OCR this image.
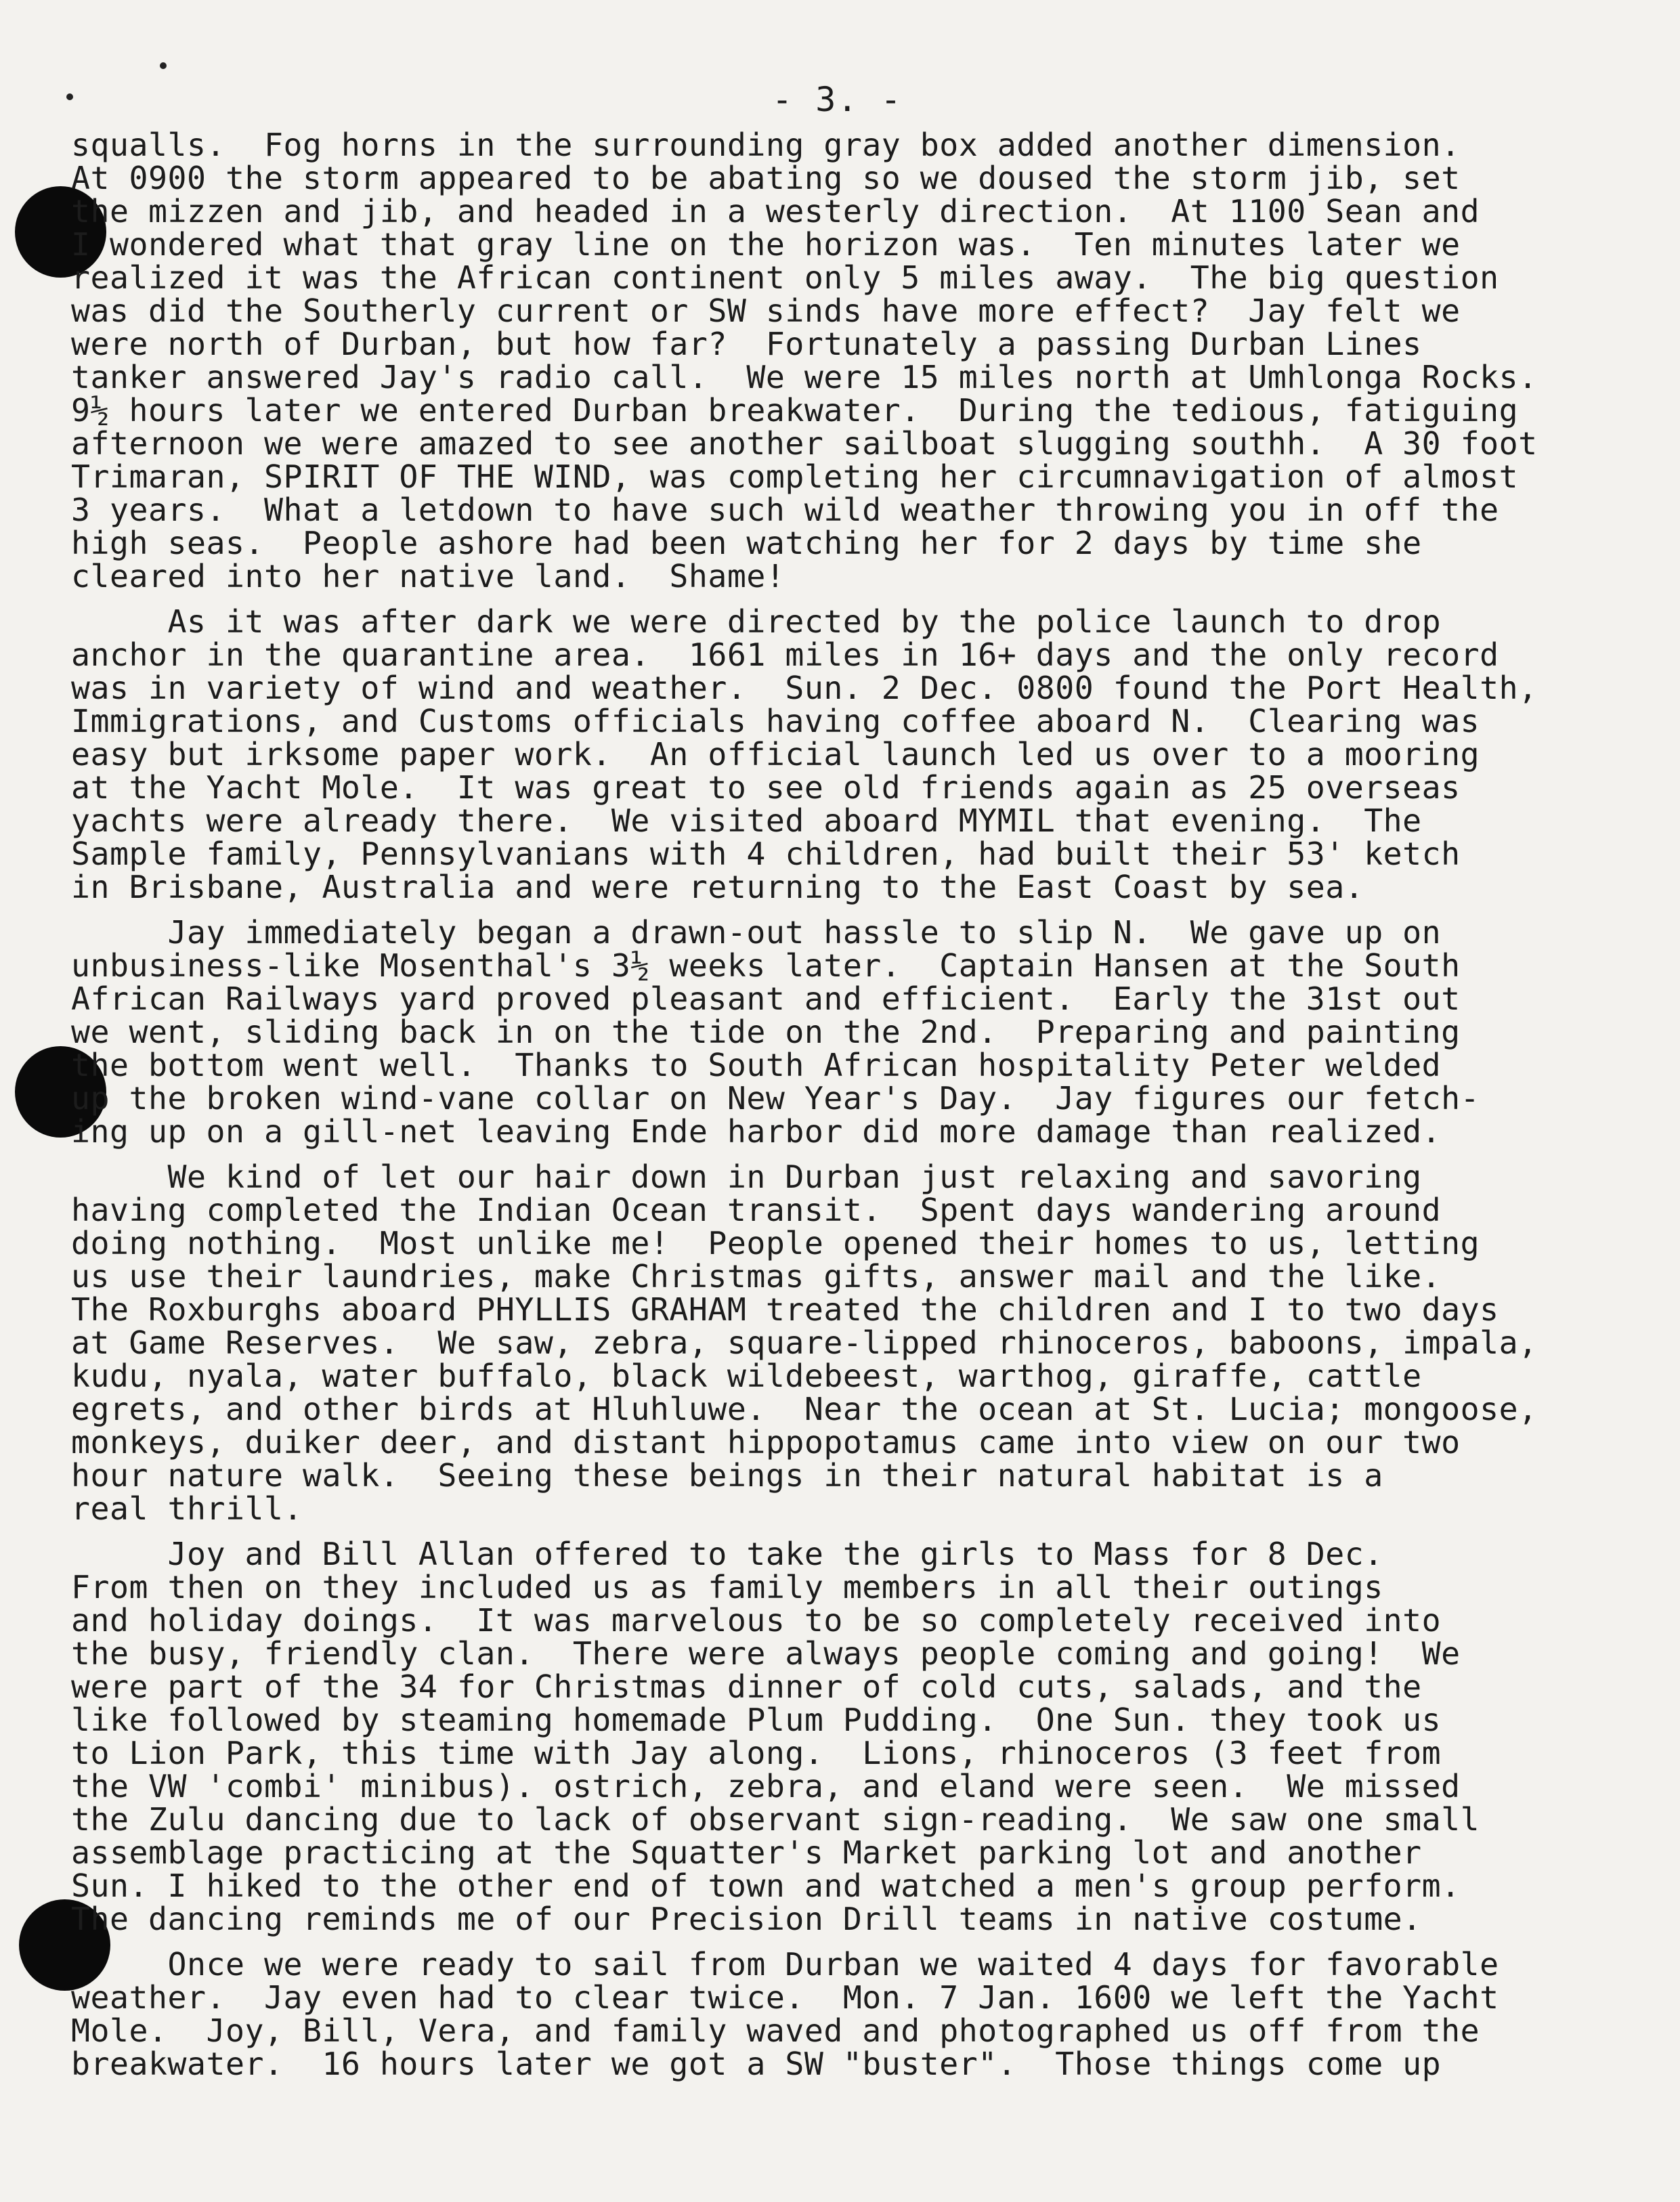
- 3. -
squalls.  Fog horns in the surrounding gray box added another dimension.
At 0900 the storm appeared to be abating so we doused the storm jib, set
the mizzen and jib, and headed in a westerly direction.  At 1100 Sean and
I wondered what that gray line on the horizon was.  Ten minutes later we
realized it was the African continent only 5 miles away.  The big question
was did the Southerly current or SW sinds have more effect?  Jay felt we
were north of Durban, but how far?  Fortunately a passing Durban Lines
tanker answered Jay's radio call.  We were 15 miles north at Umhlonga Rocks.
9½ hours later we entered Durban breakwater.  During the tedious, fatiguing
afternoon we were amazed to see another sailboat slugging southh.  A 30 foot
Trimaran, SPIRIT OF THE WIND, was completing her circumnavigation of almost
3 years.  What a letdown to have such wild weather throwing you in off the
high seas.  People ashore had been watching her for 2 days by time she
cleared into her native land.  Shame!
As it was after dark we were directed by the police launch to drop
anchor in the quarantine area.  1661 miles in 16+ days and the only record
was in variety of wind and weather.  Sun. 2 Dec. 0800 found the Port Health,
Immigrations, and Customs officials having coffee aboard N.  Clearing was
easy but irksome paper work.  An official launch led us over to a mooring
at the Yacht Mole.  It was great to see old friends again as 25 overseas
yachts were already there.  We visited aboard MYMIL that evening.  The
Sample family, Pennsylvanians with 4 children, had built their 53' ketch
in Brisbane, Australia and were returning to the East Coast by sea.
Jay immediately began a drawn-out hassle to slip N.  We gave up on
unbusiness-like Mosenthal's 3½ weeks later.  Captain Hansen at the South
African Railways yard proved pleasant and efficient.  Early the 31st out
we went, sliding back in on the tide on the 2nd.  Preparing and painting
the bottom went well.  Thanks to South African hospitality Peter welded
up the broken wind-vane collar on New Year's Day.  Jay figures our fetch-
ing up on a gill-net leaving Ende harbor did more damage than realized.
We kind of let our hair down in Durban just relaxing and savoring
having completed the Indian Ocean transit.  Spent days wandering around
doing nothing.  Most unlike me!  People opened their homes to us, letting
us use their laundries, make Christmas gifts, answer mail and the like.
The Roxburghs aboard PHYLLIS GRAHAM treated the children and I to two days
at Game Reserves.  We saw, zebra, square-lipped rhinoceros, baboons, impala,
kudu, nyala, water buffalo, black wildebeest, warthog, giraffe, cattle
egrets, and other birds at Hluhluwe.  Near the ocean at St. Lucia; mongoose,
monkeys, duiker deer, and distant hippopotamus came into view on our two
hour nature walk.  Seeing these beings in their natural habitat is a
real thrill.
Joy and Bill Allan offered to take the girls to Mass for 8 Dec.
From then on they included us as family members in all their outings
and holiday doings.  It was marvelous to be so completely received into
the busy, friendly clan.  There were always people coming and going!  We
were part of the 34 for Christmas dinner of cold cuts, salads, and the
like followed by steaming homemade Plum Pudding.  One Sun. they took us
to Lion Park, this time with Jay along.  Lions, rhinoceros (3 feet from
the VW 'combi' minibus). ostrich, zebra, and eland were seen.  We missed
the Zulu dancing due to lack of observant sign-reading.  We saw one small
assemblage practicing at the Squatter's Market parking lot and another
Sun. I hiked to the other end of town and watched a men's group perform.
The dancing reminds me of our Precision Drill teams in native costume.
Once we were ready to sail from Durban we waited 4 days for favorable
weather.  Jay even had to clear twice.  Mon. 7 Jan. 1600 we left the Yacht
Mole.  Joy, Bill, Vera, and family waved and photographed us off from the
breakwater.  16 hours later we got a SW "buster".  Those things come up
